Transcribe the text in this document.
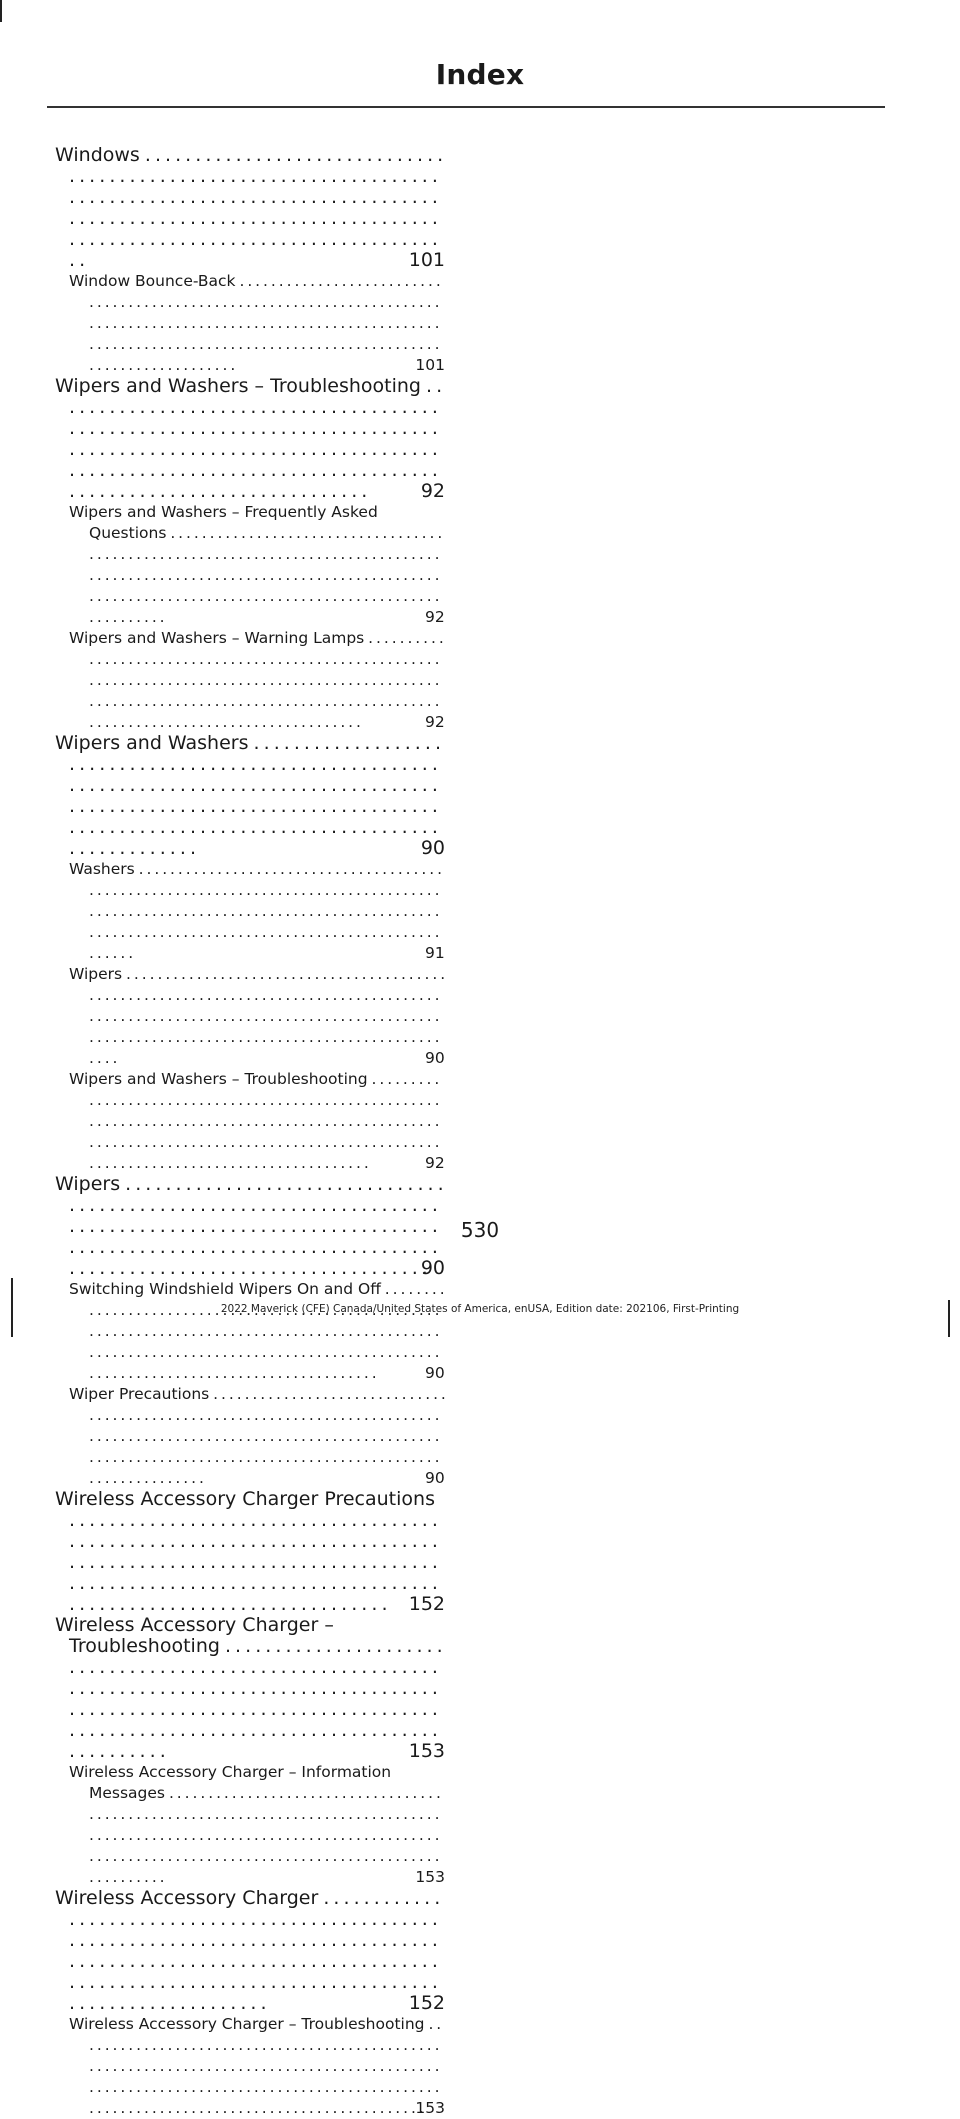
Index
Windows . . .
101
Window Bounce-Back . . .
101
Wipers and Washers – Troubleshooting . . .
92
Wipers and Washers – Frequently Asked Questions . . .
92
Wipers and Washers – Warning Lamps . . .
92
Wipers and Washers . . .
90
Washers . . .
91
Wipers . . .
90
Wipers and Washers – Troubleshooting . . .
92
Wipers . . .
90
Switching Windshield Wipers On and Off . . .
90
Wiper Precautions . . .
90
Wireless Accessory Charger Precautions . . .
152
Wireless Accessory Charger – Troubleshooting . . .
153
Wireless Accessory Charger – Information Messages . . .
153
Wireless Accessory Charger . . .
152
Wireless Accessory Charger – Troubleshooting . . .
153
530
2022 Maverick (CFE) Canada/United States of America, enUSA, Edition date: 202106, First-Printing
